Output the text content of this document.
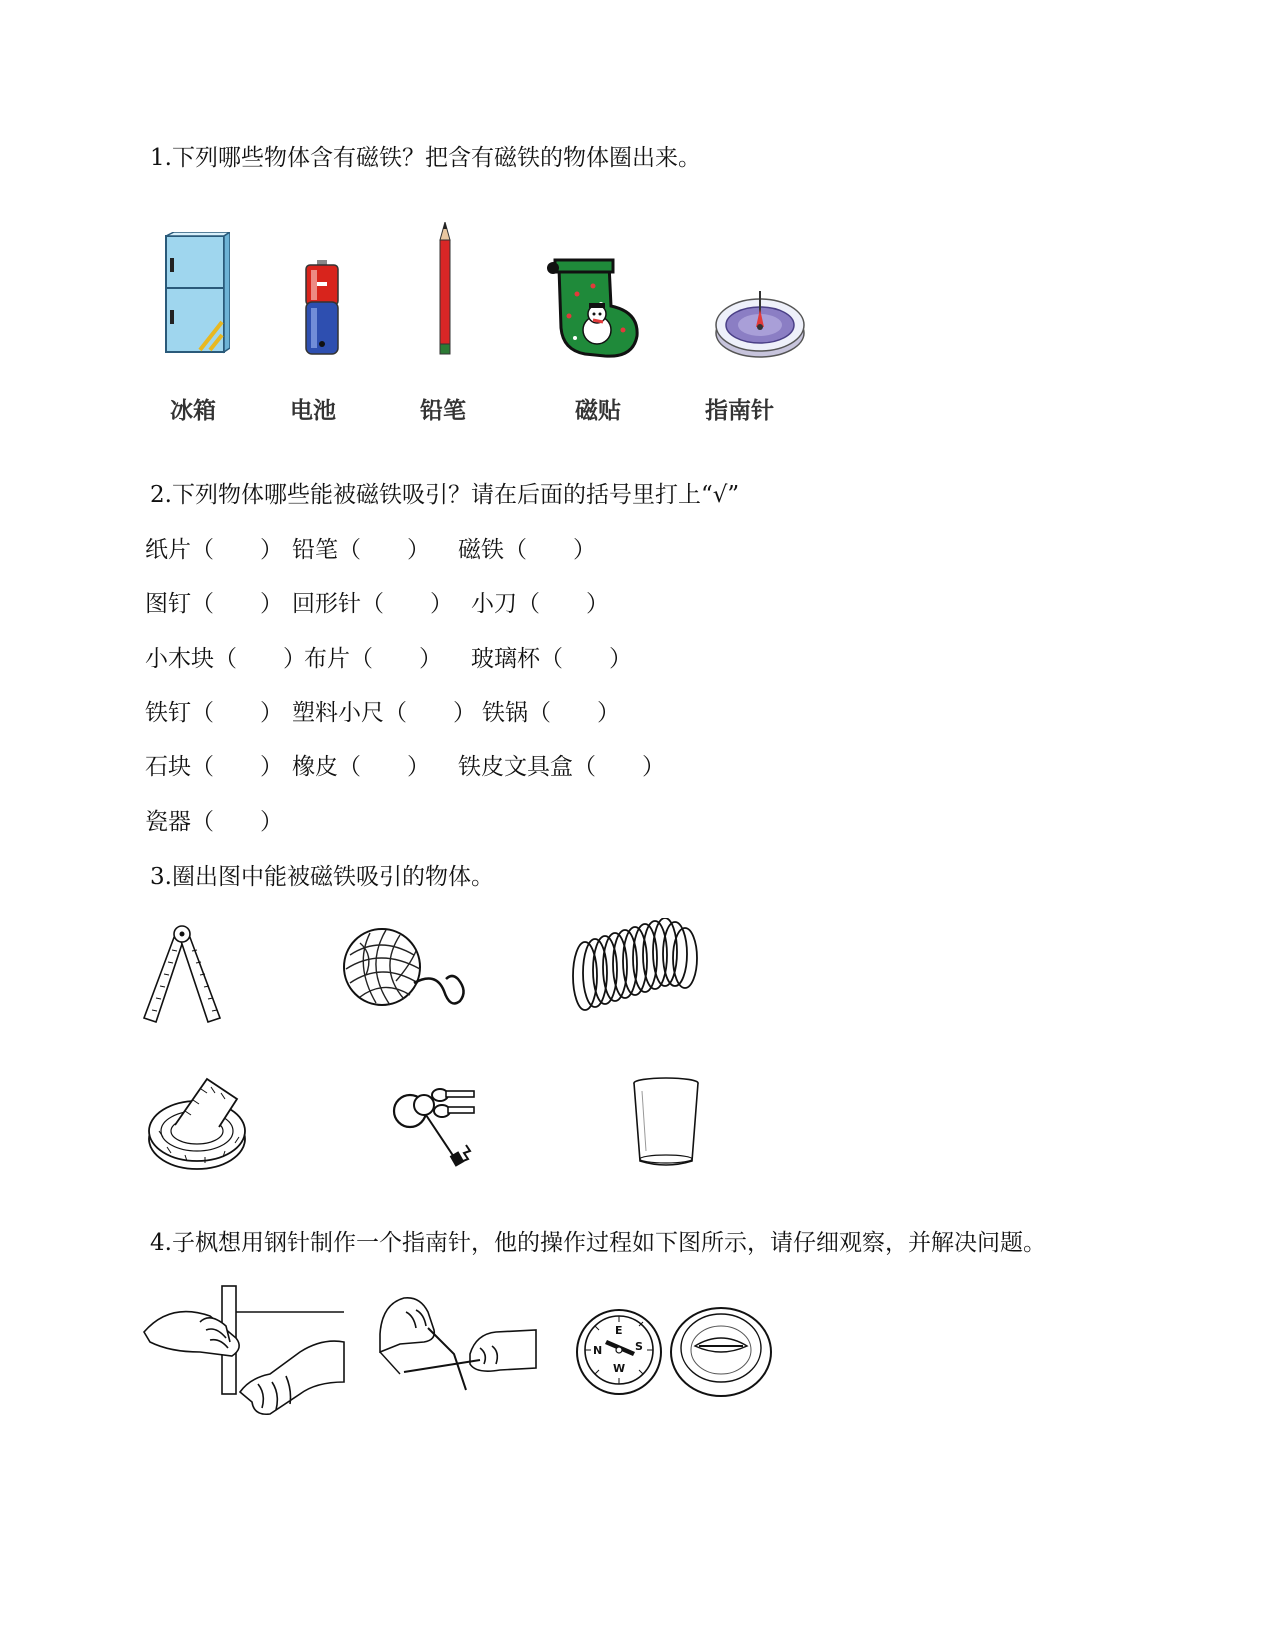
1.下列哪些物体含有磁铁？把含有磁铁的物体圈出来。
冰箱	电池	铅笔	磁贴	指南针
2.下列物体哪些能被磁铁吸引？请在后面的括号里打上“√”
纸片（　　） 铅笔（　　） 磁铁（　　）
图钉（　　） 回形针（　　） 小刀（　　）
小木块（　　）
布片（　　） 玻璃杯（　　）
铁钉（　　） 塑料小尺（　　） 铁锅（　　）
石块（　　） 橡皮（　　） 铁皮文具盒（　　）
瓷器（　　）
3.圈出图中能被磁铁吸引的物体。
4.子枫想用钢针制作一个指南针，他的操作过程如下图所示，请仔细观察，并解决问题。
E
S
W
N
